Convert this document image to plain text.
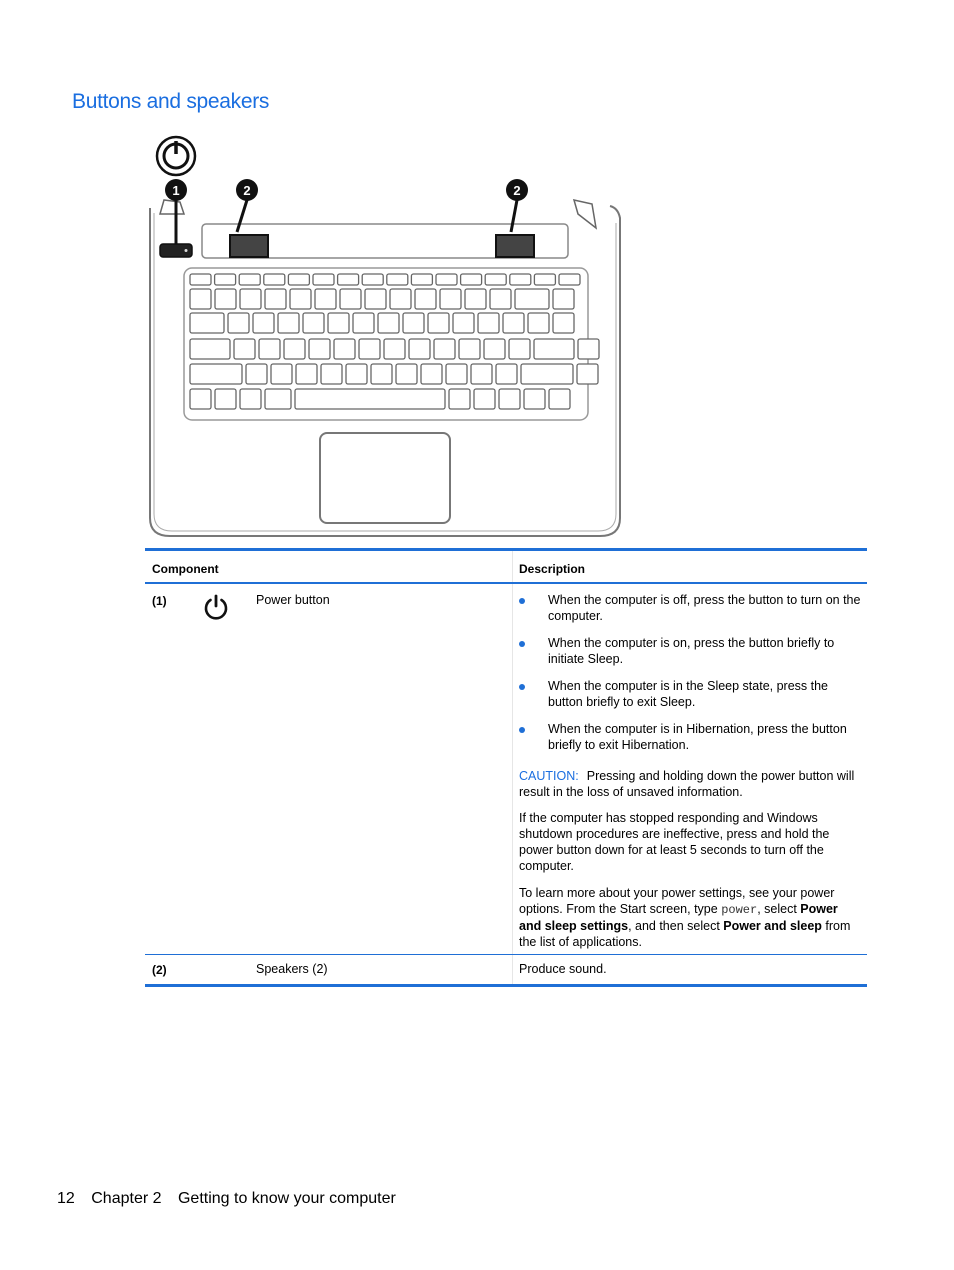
Buttons and speakers
1	2	2
Component	Description
(1)	Power button	When the computer is off, press the button to turn on the computer.
When the computer is on, press the button briefly to initiate Sleep.
When the computer is in the Sleep state, press the button briefly to exit Sleep.
When the computer is in Hibernation, press the button briefly to exit Hibernation.
CAUTION: Pressing and holding down the power button will result in the loss of unsaved information.
If the computer has stopped responding and Windows shutdown procedures are ineffective, press and hold the power button down for at least 5 seconds to turn off the computer.
To learn more about your power settings, see your power options. From the Start screen, type power, select Power and sleep settings, and then select Power and sleep from the list of applications.
(2)	Speakers (2)	Produce sound.
12 Chapter 2 Getting to know your computer
